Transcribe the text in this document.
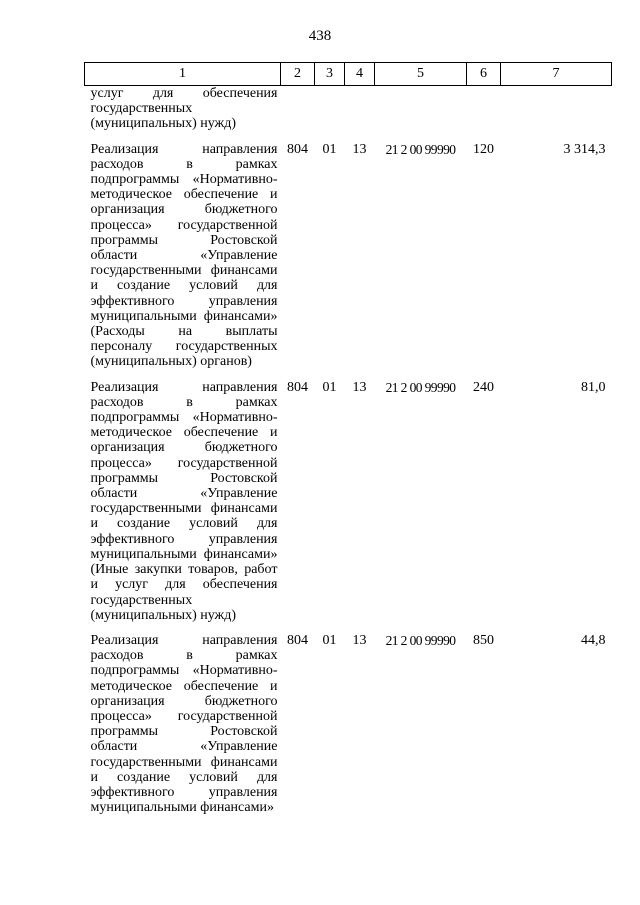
438
1	2	3	4	5	6	7
услуг для обеспечения государственных (муниципальных) нужд)						
Реализация направления расходов в рамках подпрограммы «Нормативно-методическое обеспечение и организация бюджетного процесса» государственной программы Ростовской области «Управление государственными финансами и создание условий для эффективного управления муниципальными финансами» (Расходы на выплаты персоналу государственных (муниципальных) органов)	804	01	13	21 2 00 99990	120	3 314,3
Реализация направления расходов в рамках подпрограммы «Нормативно-методическое обеспечение и организация бюджетного процесса» государственной программы Ростовской области «Управление государственными финансами и создание условий для эффективного управления муниципальными финансами» (Иные закупки товаров, работ и услуг для обеспечения государственных (муниципальных) нужд)	804	01	13	21 2 00 99990	240	81,0
Реализация направления расходов в рамках подпрограммы «Нормативно-методическое обеспечение и организация бюджетного процесса» государственной программы Ростовской области «Управление государственными финансами и создание условий для эффективного управления муниципальными финансами»	804	01	13	21 2 00 99990	850	44,8
